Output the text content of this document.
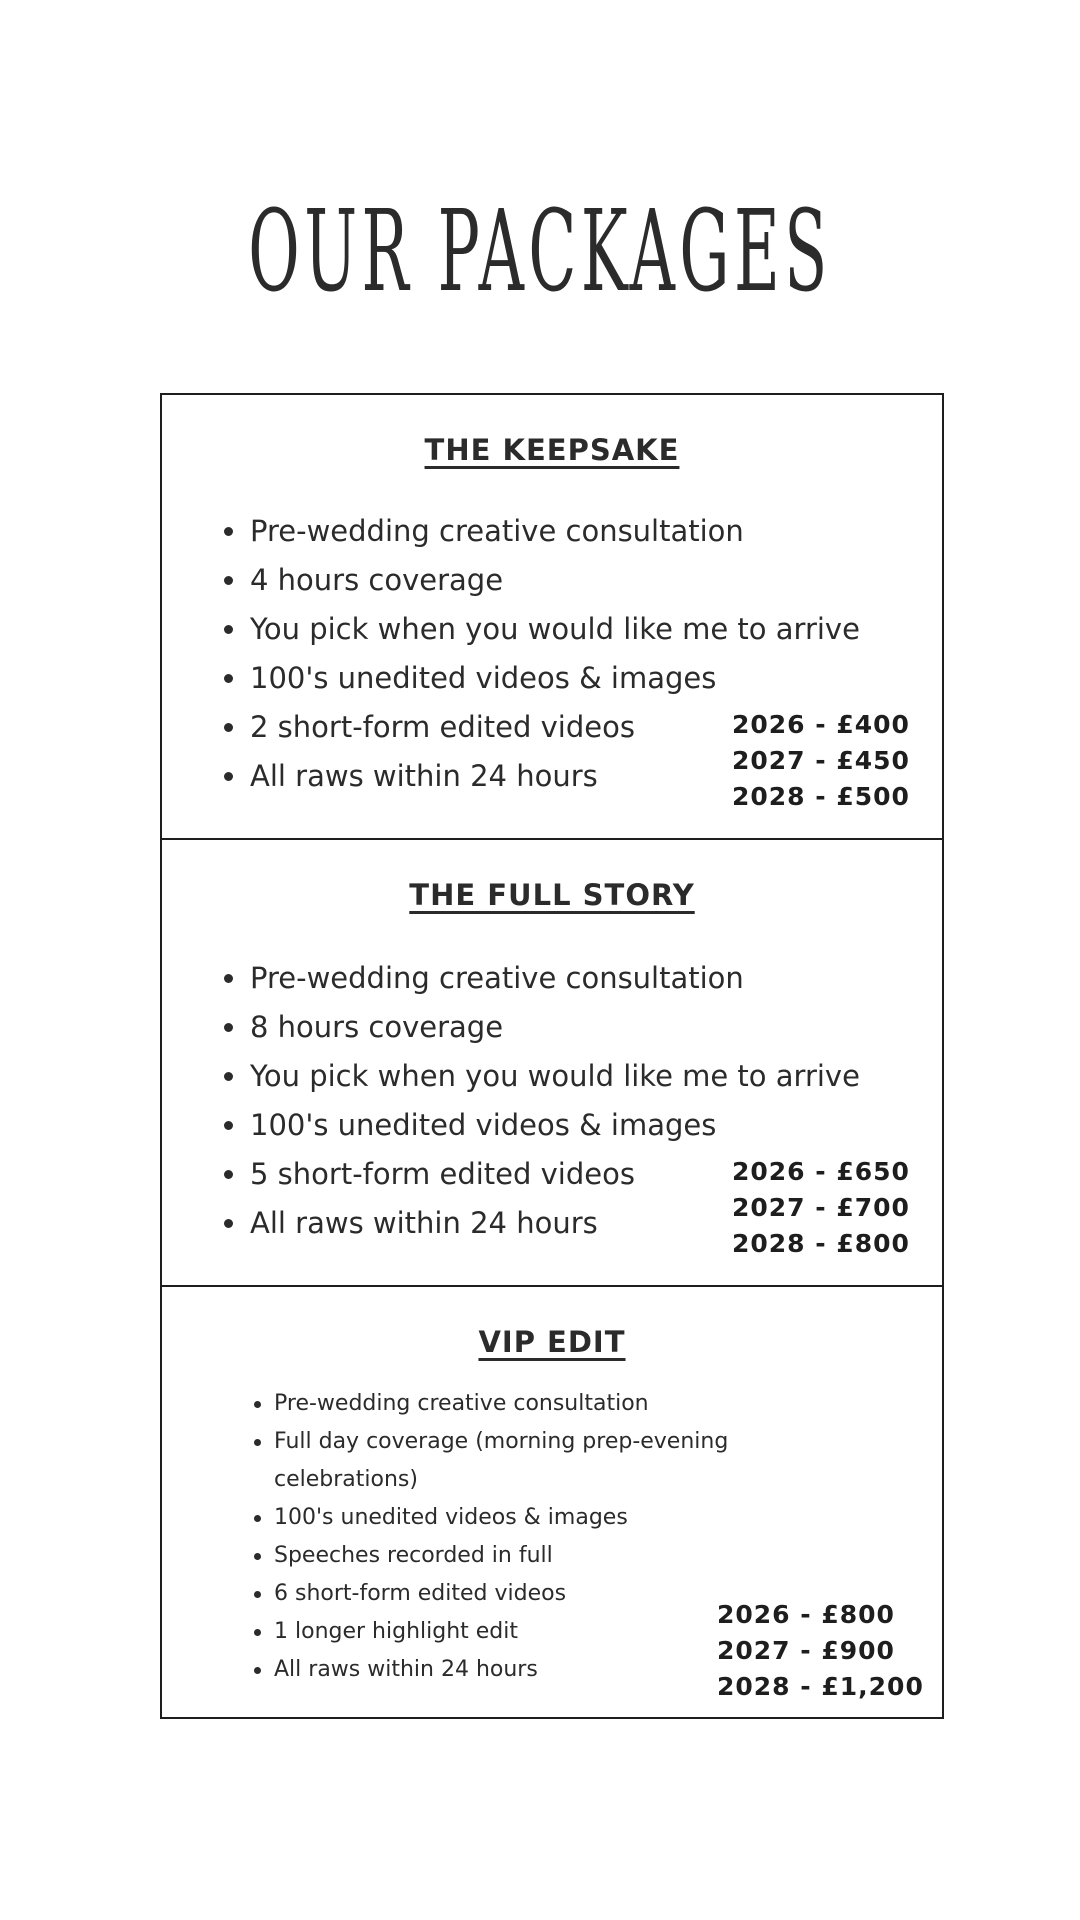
OUR PACKAGES
THE KEEPSAKE
Pre-wedding creative consultation
4 hours coverage
You pick when you would like me to arrive
100's unedited videos & images
2 short-form edited videos
All raws within 24 hours
2026 - £400
2027 - £450
2028 - £500
THE FULL STORY
Pre-wedding creative consultation
8 hours coverage
You pick when you would like me to arrive
100's unedited videos & images
5 short-form edited videos
All raws within 24 hours
2026 - £650
2027 - £700
2028 - £800
VIP EDIT
Pre-wedding creative consultation
Full day coverage (morning prep-evening celebrations)
100's unedited videos & images
Speeches recorded in full
6 short-form edited videos
1 longer highlight edit
All raws within 24 hours
2026 - £800
2027 - £900
2028 - £1,200
